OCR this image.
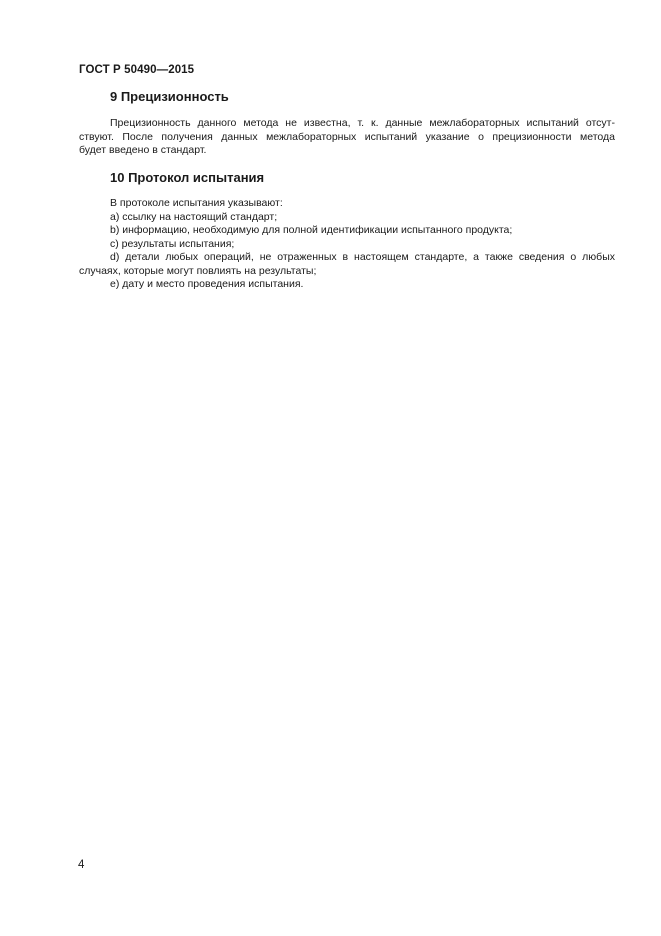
ГОСТ Р 50490—2015
9 Прецизионность
Прецизионность данного метода не известна, т. к. данные межлабораторных испытаний отсут-
ствуют. После получения данных межлабораторных испытаний указание о прецизионности метода
будет введено в стандарт.
10 Протокол испытания
В протоколе испытания указывают:
а) ссылку на настоящий стандарт;
b) информацию, необходимую для полной идентификации испытанного продукта;
с) результаты испытания;
d) детали любых операций, не отраженных в настоящем стандарте, а также сведения о любых
случаях, которые могут повлиять на результаты;
е) дату и место проведения испытания.
4
